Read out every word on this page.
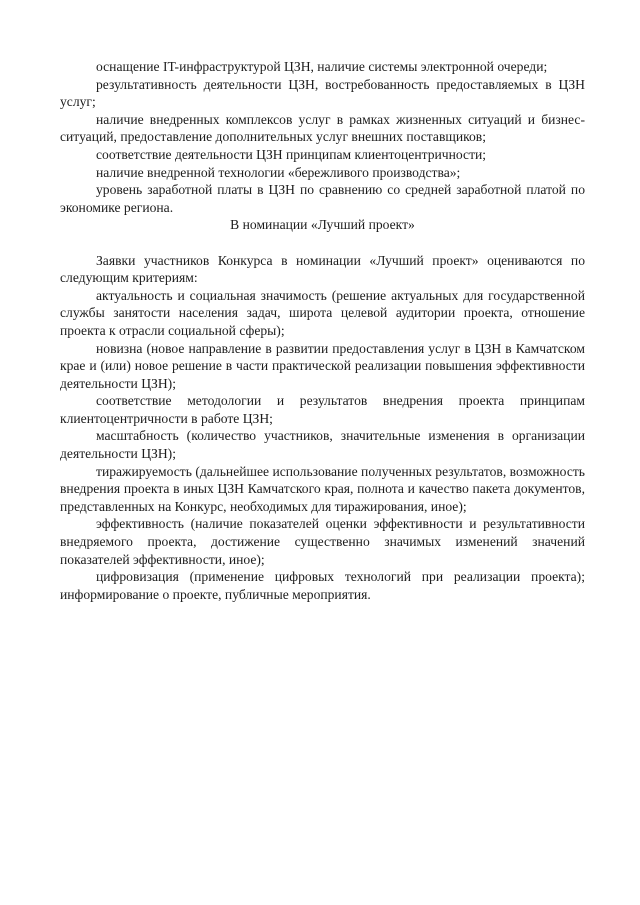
оснащение IT-инфраструктурой ЦЗН, наличие системы электронной очереди;

результативность деятельности ЦЗН, востребованность предоставляемых в ЦЗН услуг;

наличие внедренных комплексов услуг в рамках жизненных ситуаций и бизнес-ситуаций, предоставление дополнительных услуг внешних поставщиков;

соответствие деятельности ЦЗН принципам клиентоцентричности;

наличие внедренной технологии «бережливого производства»;

уровень заработной платы в ЦЗН по сравнению со средней заработной платой по экономике региона.

В номинации «Лучший проект»

Заявки участников Конкурса в номинации «Лучший проект» оцениваются по следующим критериям:

актуальность и социальная значимость (решение актуальных для государственной службы занятости населения задач, широта целевой аудитории проекта, отношение проекта к отрасли социальной сферы);

новизна (новое направление в развитии предоставления услуг в ЦЗН в Камчатском крае и (или) новое решение в части практической реализации повышения эффективности деятельности ЦЗН);

соответствие методологии и результатов внедрения проекта принципам клиентоцентричности в работе ЦЗН;

масштабность (количество участников, значительные изменения в организации деятельности ЦЗН);

тиражируемость (дальнейшее использование полученных результатов, возможность внедрения проекта в иных ЦЗН Камчатского края, полнота и качество пакета документов, представленных на Конкурс, необходимых для тиражирования, иное);

эффективность (наличие показателей оценки эффективности и результативности внедряемого проекта, достижение существенно значимых изменений значений показателей эффективности, иное);

цифровизация (применение цифровых технологий при реализации проекта); информирование о проекте, публичные мероприятия.
